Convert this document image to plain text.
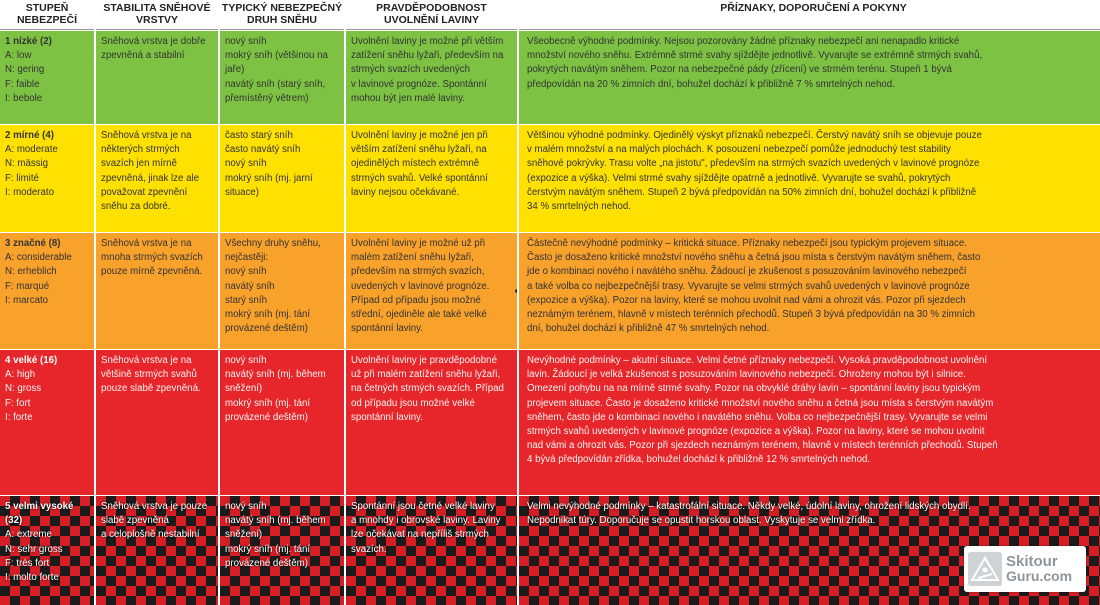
STUPEŇ
NEBEZPEČÍ
STABILITA SNĚHOVÉ
VRSTVY
TYPICKÝ NEBEZPEČNÝ
DRUH SNĚHU
PRAVDĚPODOBNOST
UVOLNĚNÍ LAVINY
PŘÍZNAKY, DOPORUČENÍ A POKYNY
1 nízké (2)
A: low
N: gering
F: faible
I: bebole
Sněhová vrstva je dobře
zpevněná a stabilní
nový sníh
mokrý sníh (většinou na
jaře)
navátý sníh (starý sníh,
přemístěný větrem)
Uvolnění laviny je možné při větším
zatížení sněhu lyžaři, především na
strmých svazích uvedených
v lavinové prognóze. Spontánní
mohou být jen malé laviny.
Všeobecně výhodné podmínky. Nejsou pozorovány žádné příznaky nebezpečí ani nenapadlo kritické
množství nového sněhu. Extrémně strmé svahy sjíždějte jednotlivě. Vyvarujte se extrémně strmých svahů,
pokrytých navátým sněhem. Pozor na nebezpečné pády (zřícení) ve strmém terénu. Stupeň 1 bývá
předpovídán na 20 % zimních dní, bohužel dochází k přibližně 7 % smrtelných nehod.
2 mírné (4)
A: moderate
N: mässig
F: limité
I: moderato
Sněhová vrstva je na
některých strmých
svazích jen mírně
zpevněná, jinak lze ale
považovat zpevnění
sněhu za dobré.
často starý sníh
často navátý sníh
nový sníh
mokrý sníh (mj. jarní
situace)
Uvolnění laviny je možné jen při
větším zatížení sněhu lyžaři, na
ojedinělých místech extrémně
strmých svahů. Velké spontánní
laviny nejsou očekávané.
Většinou výhodné podmínky. Ojedinělý výskyt příznaků nebezpečí. Čerstvý navátý sníh se objevuje pouze
v malém množství a na malých plochách. K posouzení nebezpečí pomůže jednoduchý test stability
sněhové pokrývky. Trasu volte „na jistotu", především na strmých svazích uvedených v lavinové prognóze
(expozice a výška). Velmi strmé svahy sjíždějte opatrně a jednotlivě. Vyvarujte se svahů, pokrytých
čerstvým navátým sněhem. Stupeň 2 bývá předpovídán na 50% zimních dní, bohužel dochází k přibližně
34 % smrtelných nehod.
3 značné (8)
A: considerable
N: erheblich
F: marqué
I: marcato
Sněhová vrstva je na
mnoha strmých svazích
pouze mírně zpevněná.
Všechny druhy sněhu,
nejčastěji:
nový sníh
navátý sníh
starý sníh
mokrý sníh (mj. tání
provázené deštěm)
Uvolnění laviny je možné už při
malém zatížení sněhu lyžaři,
především na strmých svazích,
uvedených v lavinové prognóze.
Případ od případu jsou možné
střední, ojediněle ale také velké
spontánní laviny.
Částečně nevýhodné podmínky – kritická situace. Příznaky nebezpečí jsou typickým projevem situace.
Často je dosaženo kritické množství nového sněhu a četná jsou místa s čerstvým navátým sněhem, často
jde o kombinaci nového i navátého sněhu. Žádoucí je zkušenost s posuzováním lavinového nebezpečí
a také volba co nejbezpečnější trasy. Vyvarujte se velmi strmých svahů uvedených v lavinové prognóze
(expozice a výška). Pozor na laviny, které se mohou uvolnit nad vámi a ohrozit vás. Pozor při sjezdech
neznámým terénem, hlavně v místech terénních přechodů. Stupeň 3 bývá předpovídán na 30 % zimních
dní, bohužel dochází k přibližně 47 % smrtelných nehod.
4 velké (16)
A: high
N: gross
F: fort
I: forte
Sněhová vrstva je na
většině strmých svahů
pouze slabě zpevněná.
nový sníh
navátý sníh (mj. během
sněžení)
mokrý sníh (mj. tání
provázené deštěm)
Uvolnění laviny je pravděpodobné
už při malém zatížení sněhu lyžaři,
na četných strmých svazích. Případ
od případu jsou možné velké
spontánní laviny.
Nevýhodné podmínky – akutní situace. Velmi četné příznaky nebezpečí. Vysoká pravděpodobnost uvolnění
lavin. Žádoucí je velká zkušenost s posuzováním lavinového nebezpečí. Ohroženy mohou být i silnice.
Omezení pohybu na na mírně strmé svahy. Pozor na obvyklé dráhy lavin – spontánní laviny jsou typickým
projevem situace. Často je dosaženo kritické množství nového sněhu a četná jsou místa s čerstvým navátým
sněhem, často jde o kombinaci nového i navátého sněhu. Volba co nejbezpečnější trasy. Vyvarujte se velmi
strmých svahů uvedených v lavinové prognóze (expozice a výška). Pozor na laviny, které se mohou uvolnit
nad vámi a ohrozit vás. Pozor při sjezdech neznámým terénem, hlavně v místech terénních přechodů. Stupeň
4 bývá předpovídán zřídka, bohužel dochází k přibližně 12 % smrtelných nehod.
5 velmi vysoké
(32)
A: extreme
N: sehr gross
F: trés fort
I: molto forte
Sněhová vrstva je pouze
slabě zpevněná
a celoplošně nestabilní
nový sníh
navátý sníh (mj. během
sněžení)
mokrý sníh (mj. tání
provázené deštěm)
Spontánní jsou četné velké laviny
a mnohdy i obrovské laviny. Laviny
lze očekávat na nepříliš strmých
svazích.
Velmi nevýhodné podmínky – katastrofální situace. Někdy velké, údolní laviny, ohrožení lidských obydlí.
Nepodnikat túry. Doporučuje se opustit horskou oblast. Vyskytuje se velmi zřídka.
Skitour
Guru.com
